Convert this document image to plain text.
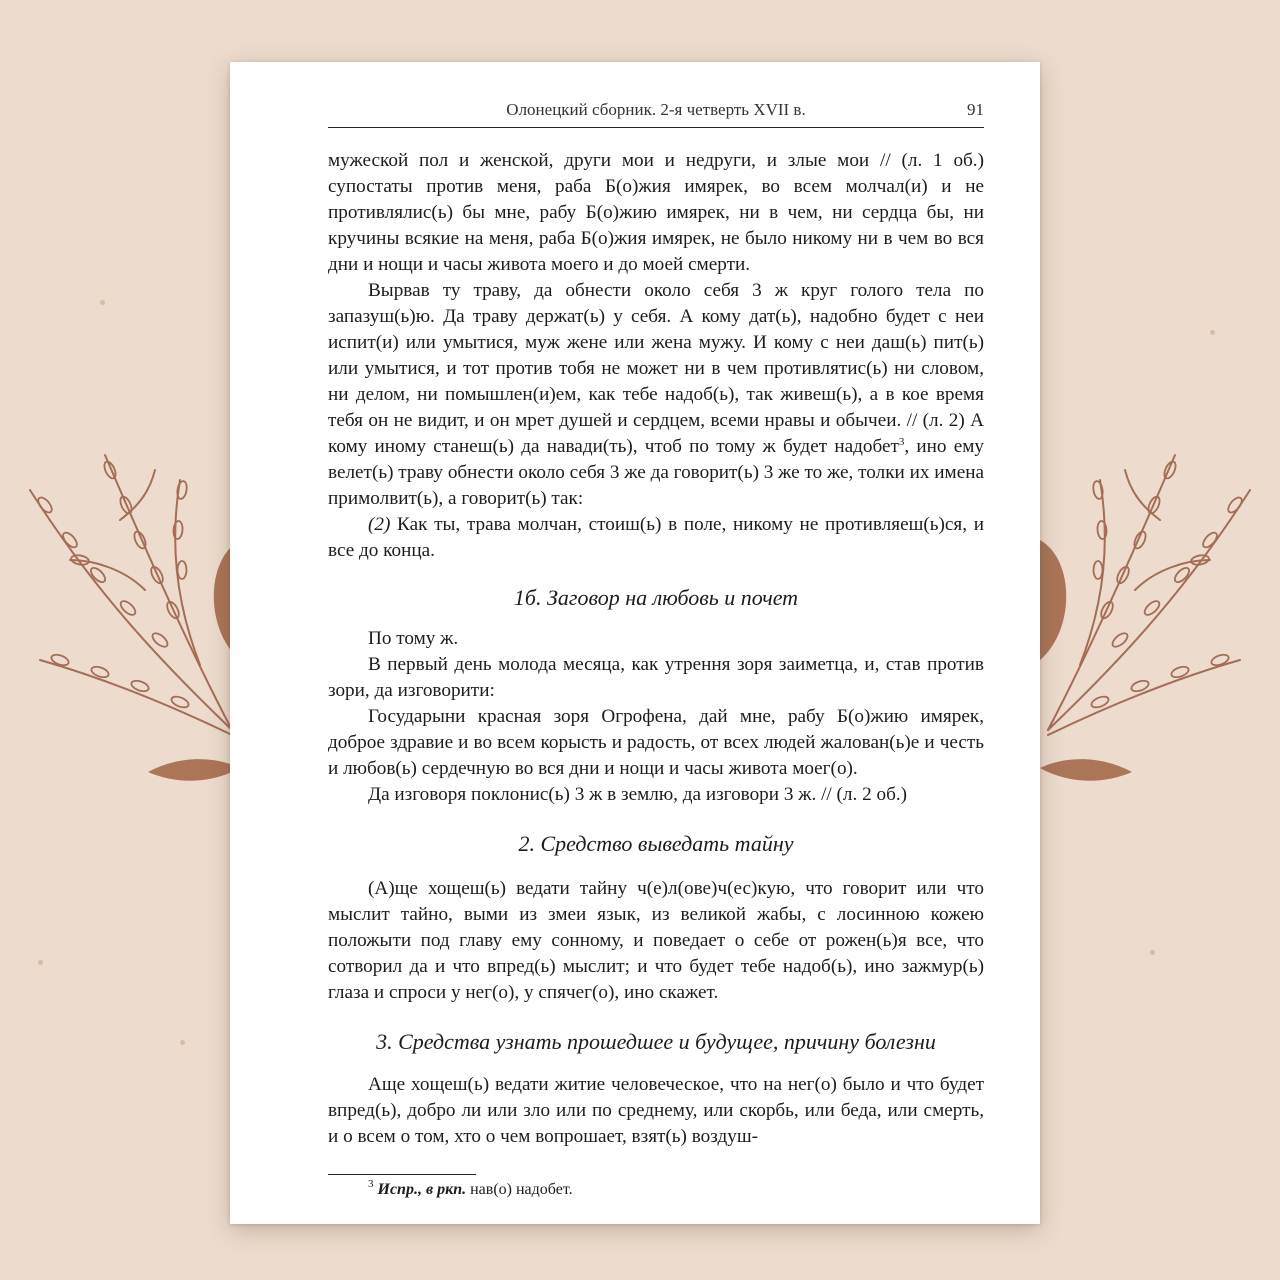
Олонецкий сборник. 2-я четверть XVII в.	91

мужеской пол и женской, други мои и недруги, и злые мои // (л. 1 об.) супостаты против меня, раба Б(о)жия имярек, во всем молчал(и) и не противлялис(ь) бы мне, рабу Б(о)жию имярек, ни в чем, ни сердца бы, ни кручины всякие на меня, раба Б(о)жия имярек, не было никому ни в чем во вся дни и нощи и часы живота моего и до моей смерти.

Вырвав ту траву, да обнести около себя 3 ж круг голого тела по запазуш(ь)ю. Да траву держат(ь) у себя. А кому дат(ь), надобно будет с неи испит(и) или умытися, муж жене или жена мужу. И кому с неи даш(ь) пит(ь) или умытися, и тот против тобя не может ни в чем противлятис(ь) ни словом, ни делом, ни помышлен(и)ем, как тебе надоб(ь), так живеш(ь), а в кое время тебя он не видит, и он мрет душей и сердцем, всеми нравы и обычеи. // (л. 2) А кому иному станеш(ь) да навади(ть), чтоб по тому ж будет надобет$^3$, ино ему велет(ь) траву обнести около себя 3 же да говорит(ь) 3 же то же, толки их имена примолвит(ь), а говорит(ь) так:

(2) Как ты, трава молчан, стоиш(ь) в поле, никому не противляеш(ь)ся, и все до конца.

1б. Заговор на любовь и почет

По тому ж.

В первый день молода месяца, как утрення зоря заиметца, и, став против зори, да изговорити:

Государыни красная зоря Огрофена, дай мне, рабу Б(о)жию имярек, доброе здравие и во всем корысть и радость, от всех людей жалован(ь)е и честь и любов(ь) сердечную во вся дни и нощи и часы живота моег(о).

Да изговоря поклонис(ь) 3 ж в землю, да изговори 3 ж. // (л. 2 об.)

2. Средство выведать тайну

(А)ще хощеш(ь) ведати тайну ч(е)л(ове)ч(ес)кую, что говорит или что мыслит тайно, выми из змеи язык, из великой жабы, с лосинною кожею положыти под главу ему сонному, и поведает о себе от рожен(ь)я все, что сотворил да и что впред(ь) мыслит; и что будет тебе надоб(ь), ино зажмур(ь) глаза и спроси у нег(о), у спячег(о), ино скажет.

3. Средства узнать прошедшее и будущее, причину болезни

Аще хощеш(ь) ведати житие человеческое, что на нег(о) было и что будет впред(ь), добро ли или зло или по среднему, или скорбь, или беда, или смерть, и о всем о том, хто о чем вопрошает, взят(ь) воздуш-

$^3$ Испр., в ркп. нав(о) надобет.
